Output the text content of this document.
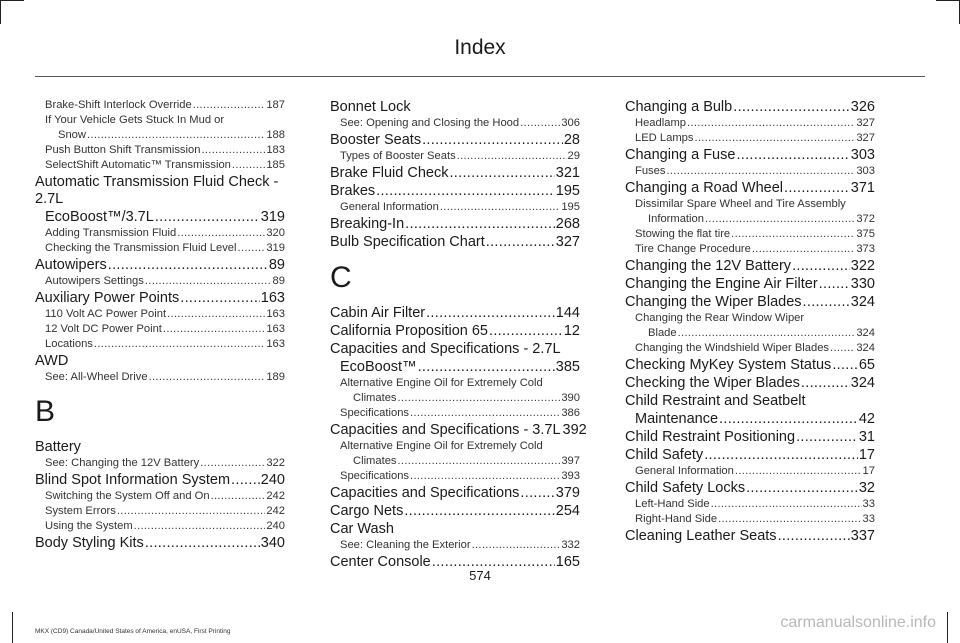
Index
Brake-Shift Interlock Override .....	187
If Your Vehicle Gets Stuck In Mud or
Snow .....	188
Push Button Shift Transmission .....	183
SelectShift Automatic™ Transmission .....	185
Automatic Transmission Fluid Check - 2.7L
EcoBoost™/3.7L .....	319
Adding Transmission Fluid .....	320
Checking the Transmission Fluid Level .....	319
Autowipers .....	89
Autowipers Settings .....	89
Auxiliary Power Points .....	163
110 Volt AC Power Point .....	163
12 Volt DC Power Point .....	163
Locations .....	163
AWD
See: All-Wheel Drive .....	189
B
Battery
See: Changing the 12V Battery .....	322
Blind Spot Information System ..... 240
Switching the System Off and On .....	242
System Errors .....	242
Using the System .....	240
Body Styling Kits .....	340
Bonnet Lock
See: Opening and Closing the Hood .....	306
Booster Seats .....	28
Types of Booster Seats .....	29
Brake Fluid Check .....	321
Brakes .....	195
General Information .....	195
Breaking-In .....	268
Bulb Specification Chart .....	327
C
Cabin Air Filter .....	144
California Proposition 65 .....	12
Capacities and Specifications - 2.7L
EcoBoost™ .....	385
Alternative Engine Oil for Extremely Cold
Climates .....	390
Specifications .....	386
Capacities and Specifications - 3.7L 392
Alternative Engine Oil for Extremely Cold
Climates .....	397
Specifications .....	393
Capacities and Specifications .....	379
Cargo Nets .....	254
Car Wash
See: Cleaning the Exterior .....	332
Center Console .....	165
Changing a Bulb .....	326
Headlamp .....	327
LED Lamps .....	327
Changing a Fuse .....	303
Fuses .....	303
Changing a Road Wheel .....	371
Dissimilar Spare Wheel and Tire Assembly
Information .....	372
Stowing the flat tire .....	375
Tire Change Procedure .....	373
Changing the 12V Battery .....	322
Changing the Engine Air Filter ..... 330
Changing the Wiper Blades .....	324
Changing the Rear Window Wiper
Blade .....	324
Changing the Windshield Wiper Blades ..... 324
Checking MyKey System Status ..... 65
Checking the Wiper Blades .....	324
Child Restraint and Seatbelt
Maintenance .....	42
Child Restraint Positioning .....	31
Child Safety .....	17
General Information .....	17
Child Safety Locks .....	32
Left-Hand Side .....	33
Right-Hand Side .....	33
Cleaning Leather Seats .....	337
574
MKX (CD9) Canada/United States of America, enUSA, First Printing
carmanualsonline.info
